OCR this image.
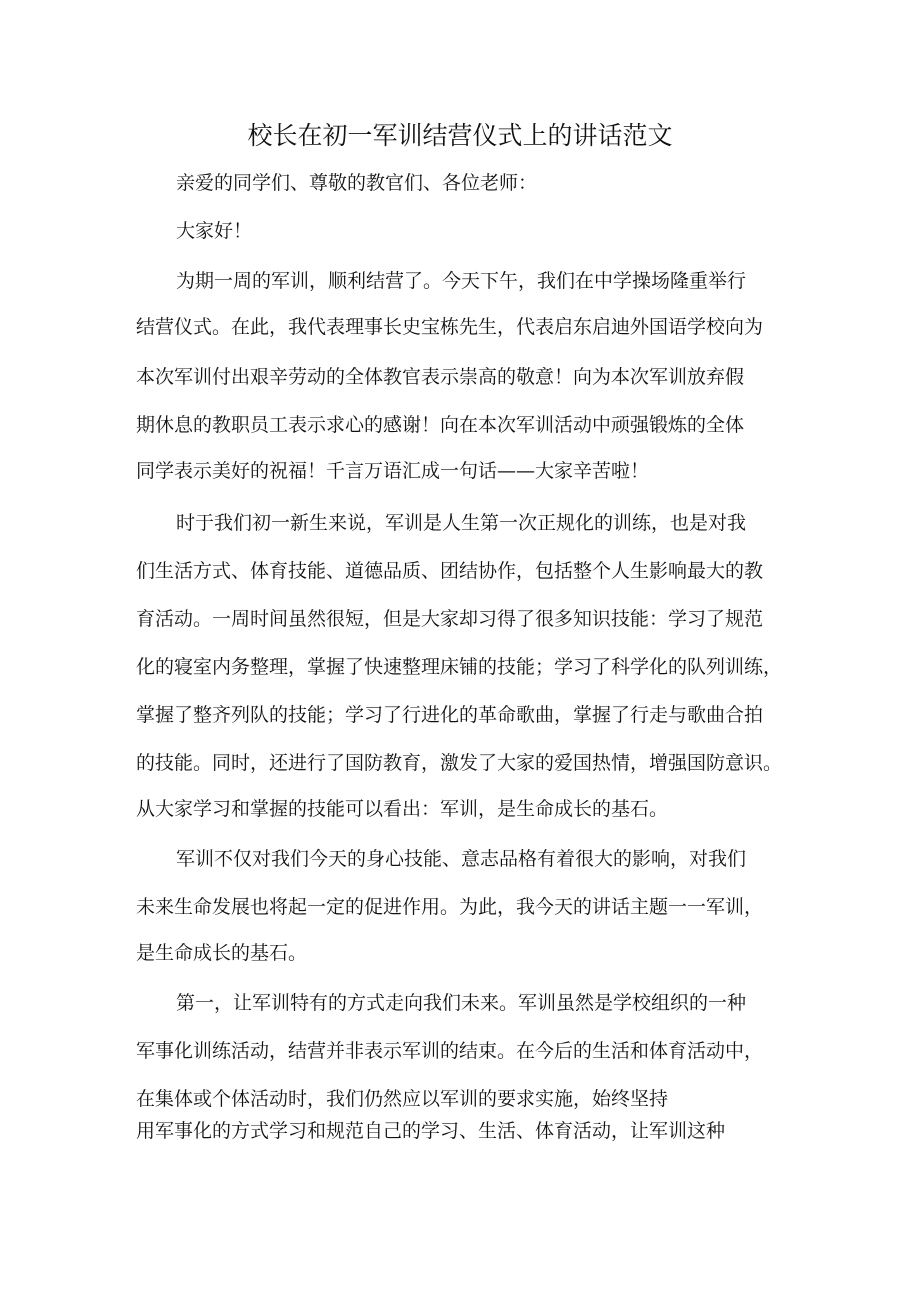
校长在初一军训结营仪式上的讲话范文
亲爱的同学们、尊敬的教官们、各位老师：
大家好！
为期一周的军训，顺利结营了。今天下午，我们在中学操场隆重举行
结营仪式。在此，我代表理事长史宝栋先生，代表启东启迪外国语学校向为
本次军训付出艰辛劳动的全体教官表示崇高的敬意！向为本次军训放弃假
期休息的教职员工表示求心的感谢！向在本次军训活动中顽强锻炼的全体
同学表示美好的祝福！千言万语汇成一句话——大家辛苦啦！
时于我们初一新生来说，军训是人生第一次正规化的训练，也是对我
们生活方式、体育技能、道德品质、团结协作，包括整个人生影响最大的教
育活动。一周时间虽然很短，但是大家却习得了很多知识技能：学习了规范
化的寝室内务整理，掌握了快速整理床铺的技能；学习了科学化的队列训练，
掌握了整齐列队的技能；学习了行进化的革命歌曲，掌握了行走与歌曲合拍
的技能。同时，还进行了国防教育，激发了大家的爱国热情，增强国防意识。
从大家学习和掌握的技能可以看出：军训，是生命成长的基石。
军训不仅对我们今天的身心技能、意志品格有着很大的影响，对我们
未来生命发展也将起一定的促进作用。为此，我今天的讲话主题一一军训，
是生命成长的基石。
第一，让军训特有的方式走向我们未来。军训虽然是学校组织的一种
军事化训练活动，结营并非表示军训的结束。在今后的生活和体育活动中，
在集体或个体活动时，我们仍然应以军训的要求实施，始终坚持
用军事化的方式学习和规范自己的学习、生活、体育活动，让军训这种
